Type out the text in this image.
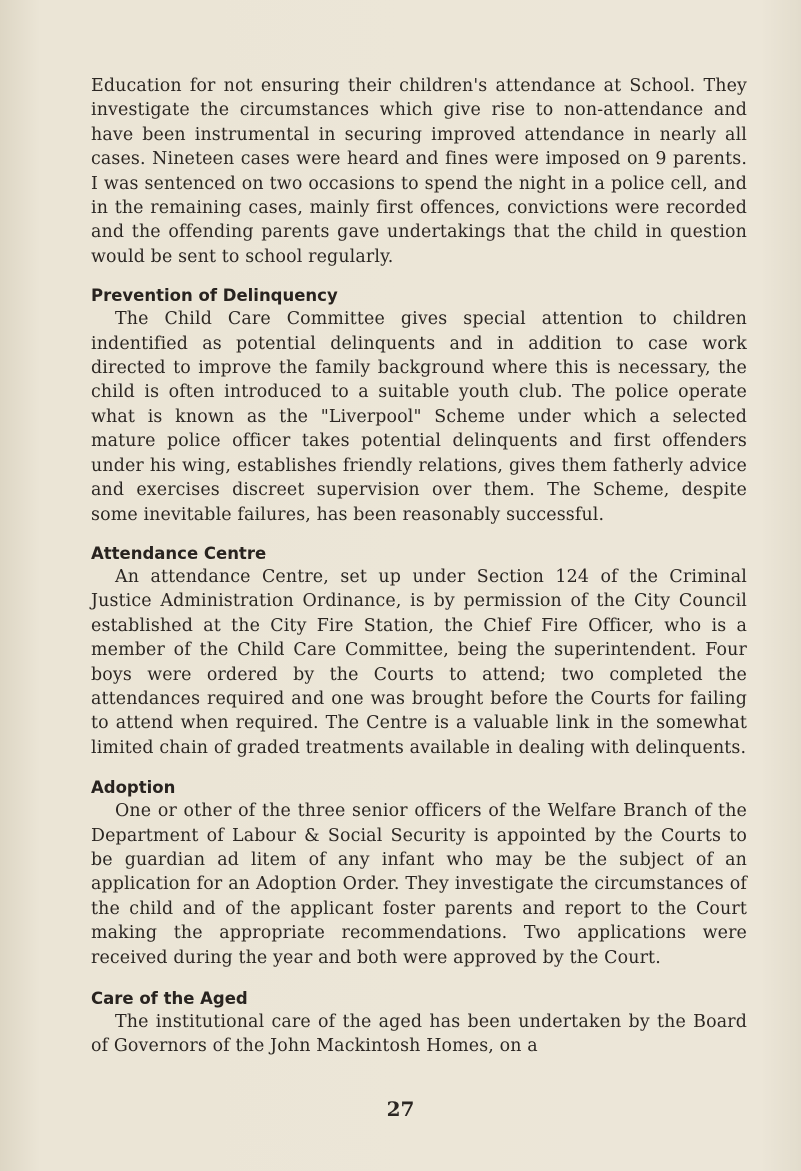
Education for not ensuring their children's attendance at School. They investigate the circumstances which give rise to non-attendance and have been instrumental in securing improved attendance in nearly all cases. Nineteen cases were heard and fines were imposed on 9 parents. I was sentenced on two occasions to spend the night in a police cell, and in the remaining cases, mainly first offences, convictions were recorded and the offending parents gave undertakings that the child in question would be sent to school regularly.

Prevention of Delinquency

The Child Care Committee gives special attention to children indentified as potential delinquents and in addition to case work directed to improve the family background where this is necessary, the child is often introduced to a suitable youth club. The police operate what is known as the "Liverpool" Scheme under which a selected mature police officer takes potential delinquents and first offenders under his wing, establishes friendly relations, gives them fatherly advice and exercises discreet supervision over them. The Scheme, despite some inevitable failures, has been reasonably successful.

Attendance Centre

An attendance Centre, set up under Section 124 of the Criminal Justice Administration Ordinance, is by permission of the City Council established at the City Fire Station, the Chief Fire Officer, who is a member of the Child Care Committee, being the superintendent. Four boys were ordered by the Courts to attend; two completed the attendances required and one was brought before the Courts for failing to attend when required. The Centre is a valuable link in the somewhat limited chain of graded treatments available in dealing with delinquents.

Adoption

One or other of the three senior officers of the Welfare Branch of the Department of Labour & Social Security is appointed by the Courts to be guardian ad litem of any infant who may be the subject of an application for an Adoption Order. They investigate the circumstances of the child and of the applicant foster parents and report to the Court making the appropriate recommendations. Two applications were received during the year and both were approved by the Court.

Care of the Aged

The institutional care of the aged has been undertaken by the Board of Governors of the John Mackintosh Homes, on a

27
